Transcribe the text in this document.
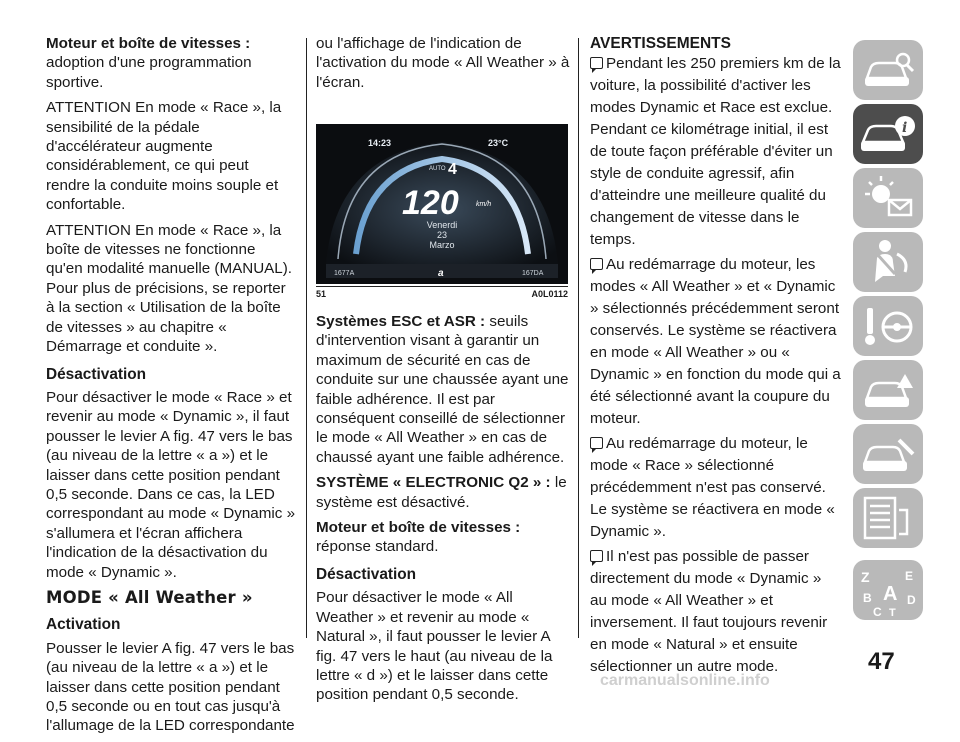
Moteur et boîte de vitesses :

adoption d'une programmation sportive.

ATTENTION En mode « Race », la sensibilité de la pédale d'accélérateur augmente considérablement, ce qui peut rendre la conduite moins souple et confortable.

ATTENTION En mode « Race », la boîte de vitesses ne fonctionne qu'en modalité manuelle (MANUAL). Pour plus de précisions, se reporter à la section « Utilisation de la boîte de vitesses » au chapitre « Démarrage et conduite ».

Désactivation

Pour désactiver le mode « Race » et revenir au mode « Dynamic », il faut pousser le levier A fig. 47 vers le bas (au niveau de la lettre « a ») et le laisser dans cette position pendant 0,5 seconde. Dans ce cas, la LED correspondant au mode « Dynamic » s'allumera et l'écran affichera l'indication de la désactivation du mode « Dynamic ».

MODE « All Weather »
Activation

Pousser le levier A fig. 47 vers le bas (au niveau de la lettre « a ») et le laisser dans cette position pendant 0,5 seconde ou en tout cas jusqu'à l'allumage de la LED correspondante

ou l'affichage de l'indication de l'activation du mode « All Weather » à l'écran.

14:23	23°C
AUTO 4
120 km/h
Venerdi
23
Marzo
1677A	167DA
a
51	A0L0112

Systèmes ESC et ASR : seuils d'intervention visant à garantir un maximum de sécurité en cas de conduite sur une chaussée ayant une faible adhérence. Il est par conséquent conseillé de sélectionner le mode « All Weather » en cas de chaussé ayant une faible adhérence.

SYSTÈME « ELECTRONIC Q2 » : le système est désactivé.

Moteur et boîte de vitesses :

réponse standard.

Désactivation

Pour désactiver le mode « All Weather » et revenir au mode « Natural », il faut pousser le levier A fig. 47 vers le haut (au niveau de la lettre « d ») et le laisser dans cette position pendant 0,5 seconde.

AVERTISSEMENTS

Pendant les 250 premiers km de la voiture, la possibilité d'activer les modes Dynamic et Race est exclue. Pendant ce kilométrage initial, il est de toute façon préférable d'éviter un style de conduite agressif, afin d'atteindre une meilleure qualité du changement de vitesse dans le temps.

Au redémarrage du moteur, les modes « All Weather » et « Dynamic » sélectionnés précédemment seront conservés. Le système se réactivera en mode « All Weather » ou « Dynamic » en fonction du mode qui a été sélectionné avant la coupure du moteur.

Au redémarrage du moteur, le mode « Race » sélectionné précédemment n'est pas conservé. Le système se réactivera en mode « Dynamic ».

Il n'est pas possible de passer directement du mode « Dynamic » au mode « All Weather » et inversement. Il faut toujours revenir en mode « Natural » et ensuite sélectionner un autre mode.

i
Z	E
B A D
C T
47
carmanualsonline.info
